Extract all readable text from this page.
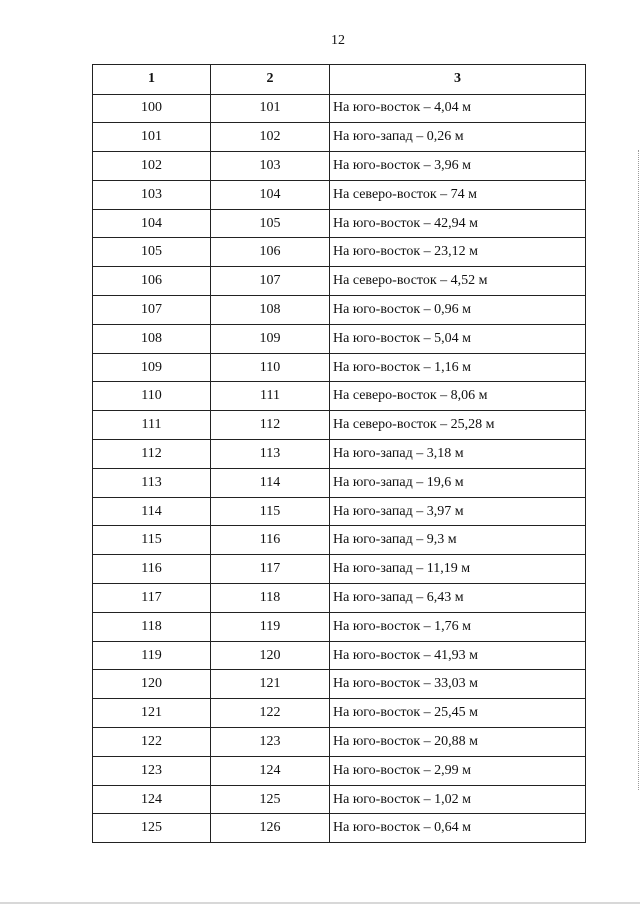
12
1	2	3
100	101	На юго-восток – 4,04 м
101	102	На юго-запад – 0,26 м
102	103	На юго-восток – 3,96 м
103	104	На северо-восток – 74 м
104	105	На юго-восток – 42,94 м
105	106	На юго-восток – 23,12 м
106	107	На северо-восток – 4,52 м
107	108	На юго-восток – 0,96 м
108	109	На юго-восток – 5,04 м
109	110	На юго-восток – 1,16 м
110	111	На северо-восток – 8,06 м
111	112	На северо-восток – 25,28 м
112	113	На юго-запад – 3,18 м
113	114	На юго-запад – 19,6 м
114	115	На юго-запад – 3,97 м
115	116	На юго-запад – 9,3 м
116	117	На юго-запад – 11,19 м
117	118	На юго-запад – 6,43 м
118	119	На юго-восток – 1,76 м
119	120	На юго-восток – 41,93 м
120	121	На юго-восток – 33,03 м
121	122	На юго-восток – 25,45 м
122	123	На юго-восток – 20,88 м
123	124	На юго-восток – 2,99 м
124	125	На юго-восток – 1,02 м
125	126	На юго-восток – 0,64 м
